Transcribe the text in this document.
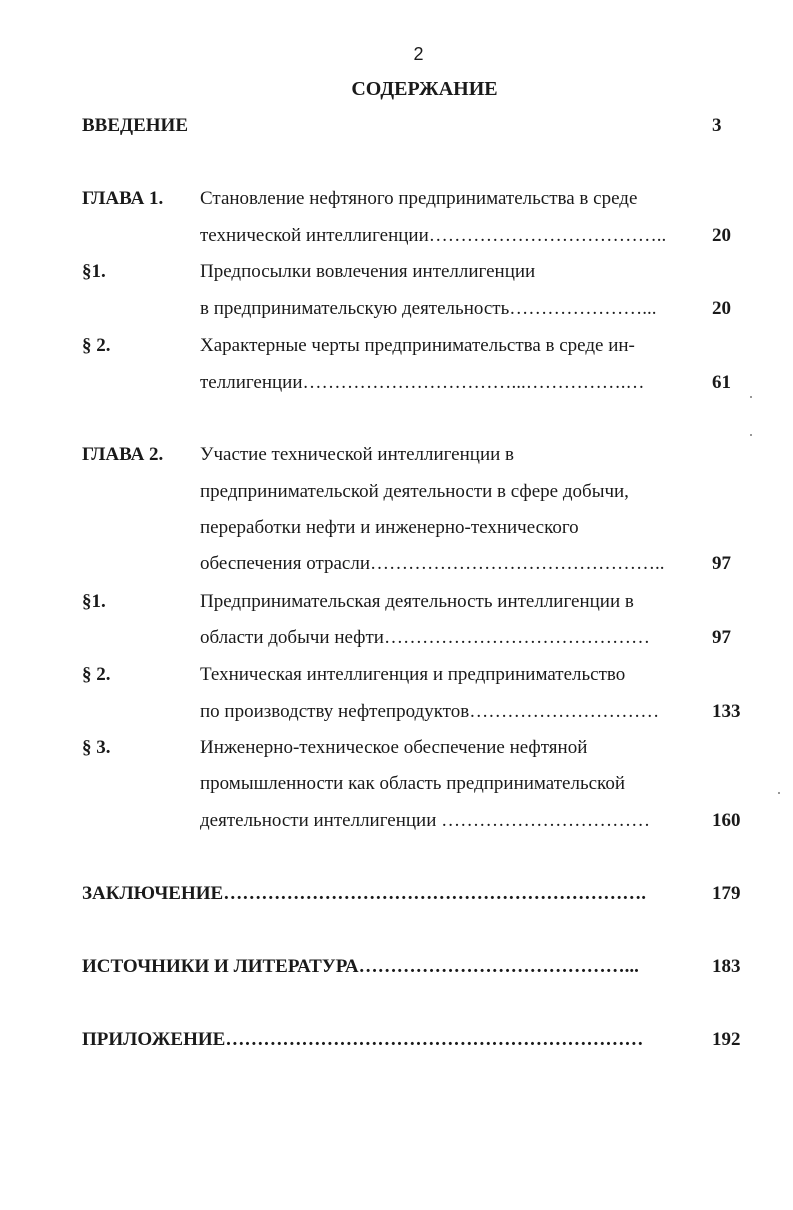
2
СОДЕРЖАНИЕ
ВВЕДЕНИЕ	3
ГЛАВА 1. Становление нефтяного предпринимательства в среде
технической интеллигенции……………………………….. 20
§1.	Предпосылки вовлечения интеллигенции
в предпринимательскую деятельность…………………...	20
§ 2.	Характерные черты предпринимательства в среде ин-
теллигенции……………………………...…………….…	61
ГЛАВА 2. Участие технической интеллигенции в
предпринимательской деятельности в сфере добычи,
переработки нефти и инженерно-технического
обеспечения отрасли………………………………………..	97
§1.	Предпринимательская деятельность интеллигенции в
области добычи нефти……………………………………	97
§ 2.	Техническая интеллигенция и предпринимательство
по производству нефтепродуктов…………………………	133
§ 3.	Инженерно-техническое обеспечение нефтяной
промышленности как область предпринимательской
деятельности интеллигенции ……………………………	160
ЗАКЛЮЧЕНИЕ………………………………………………………….	179
ИСТОЧНИКИ И ЛИТЕРАТУРА……………………………………...	183
ПРИЛОЖЕНИЕ…………………………………………………………	192
